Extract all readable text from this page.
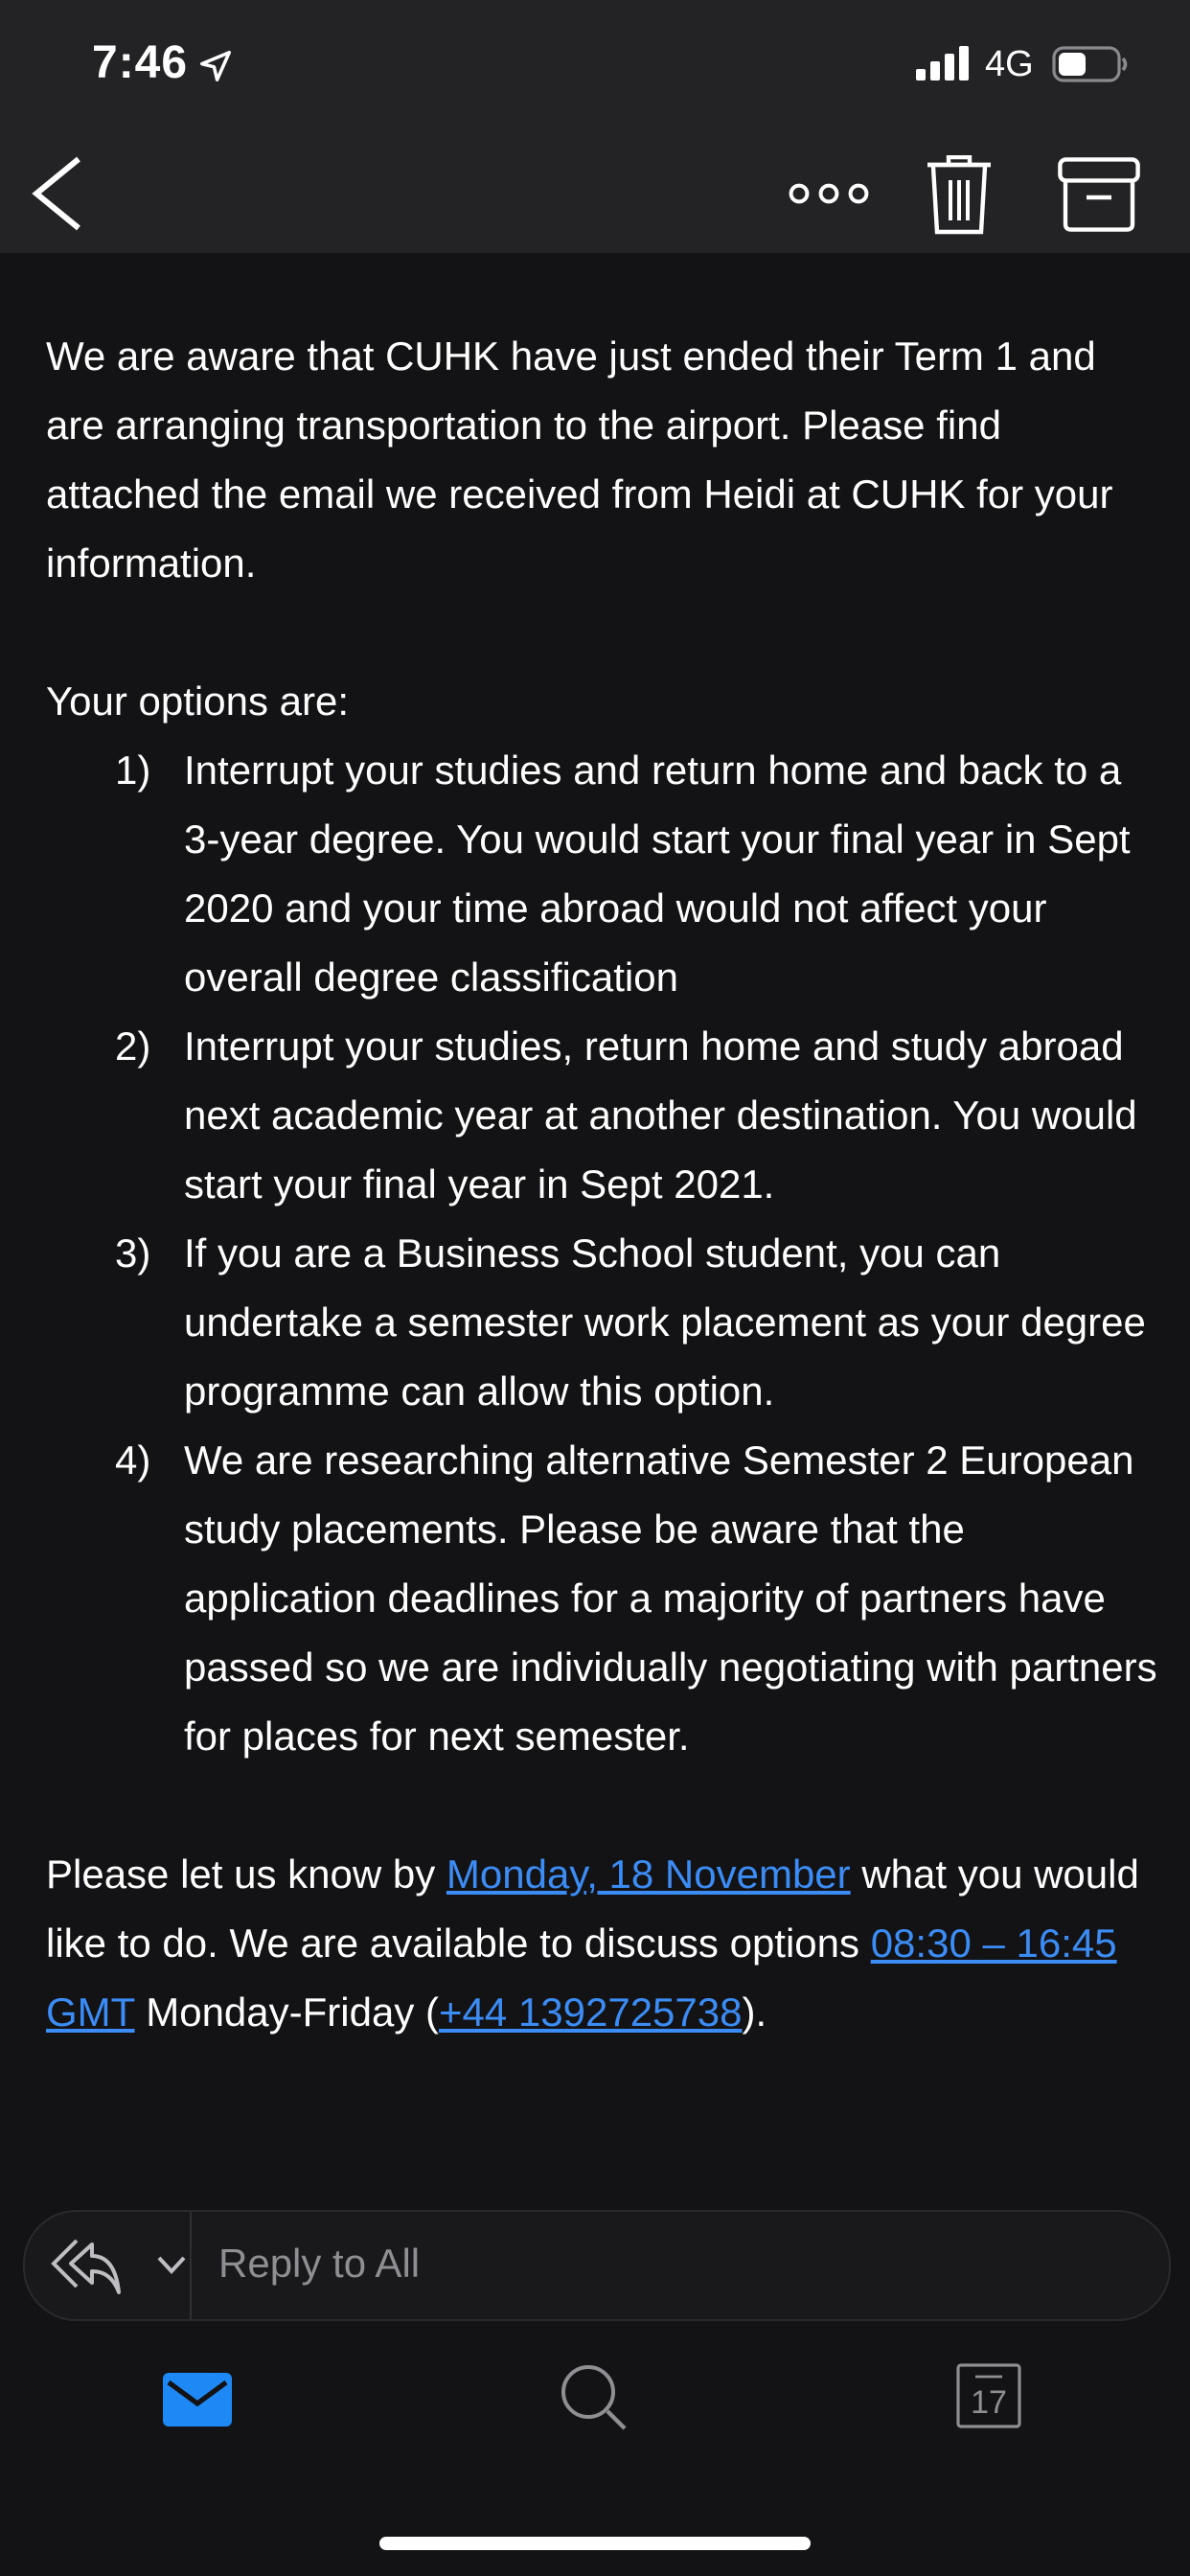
7:46	4G

We are aware that CUHK have just ended their Term 1 and are arranging transportation to the airport. Please find attached the email we received from Heidi at CUHK for your information.

Your options are:

1) Interrupt your studies and return home and back to a 3-year degree. You would start your final year in Sept 2020 and your time abroad would not affect your overall degree classification
2) Interrupt your studies, return home and study abroad next academic year at another destination. You would start your final year in Sept 2021.
3) If you are a Business School student, you can undertake a semester work placement as your degree programme can allow this option.
4) We are researching alternative Semester 2 European study placements. Please be aware that the application deadlines for a majority of partners have passed so we are individually negotiating with partners for places for next semester.

Please let us know by Monday, 18 November what you would like to do. We are available to discuss options 08:30 – 16:45 GMT Monday-Friday (+44 1392725738).

Reply to All
17
